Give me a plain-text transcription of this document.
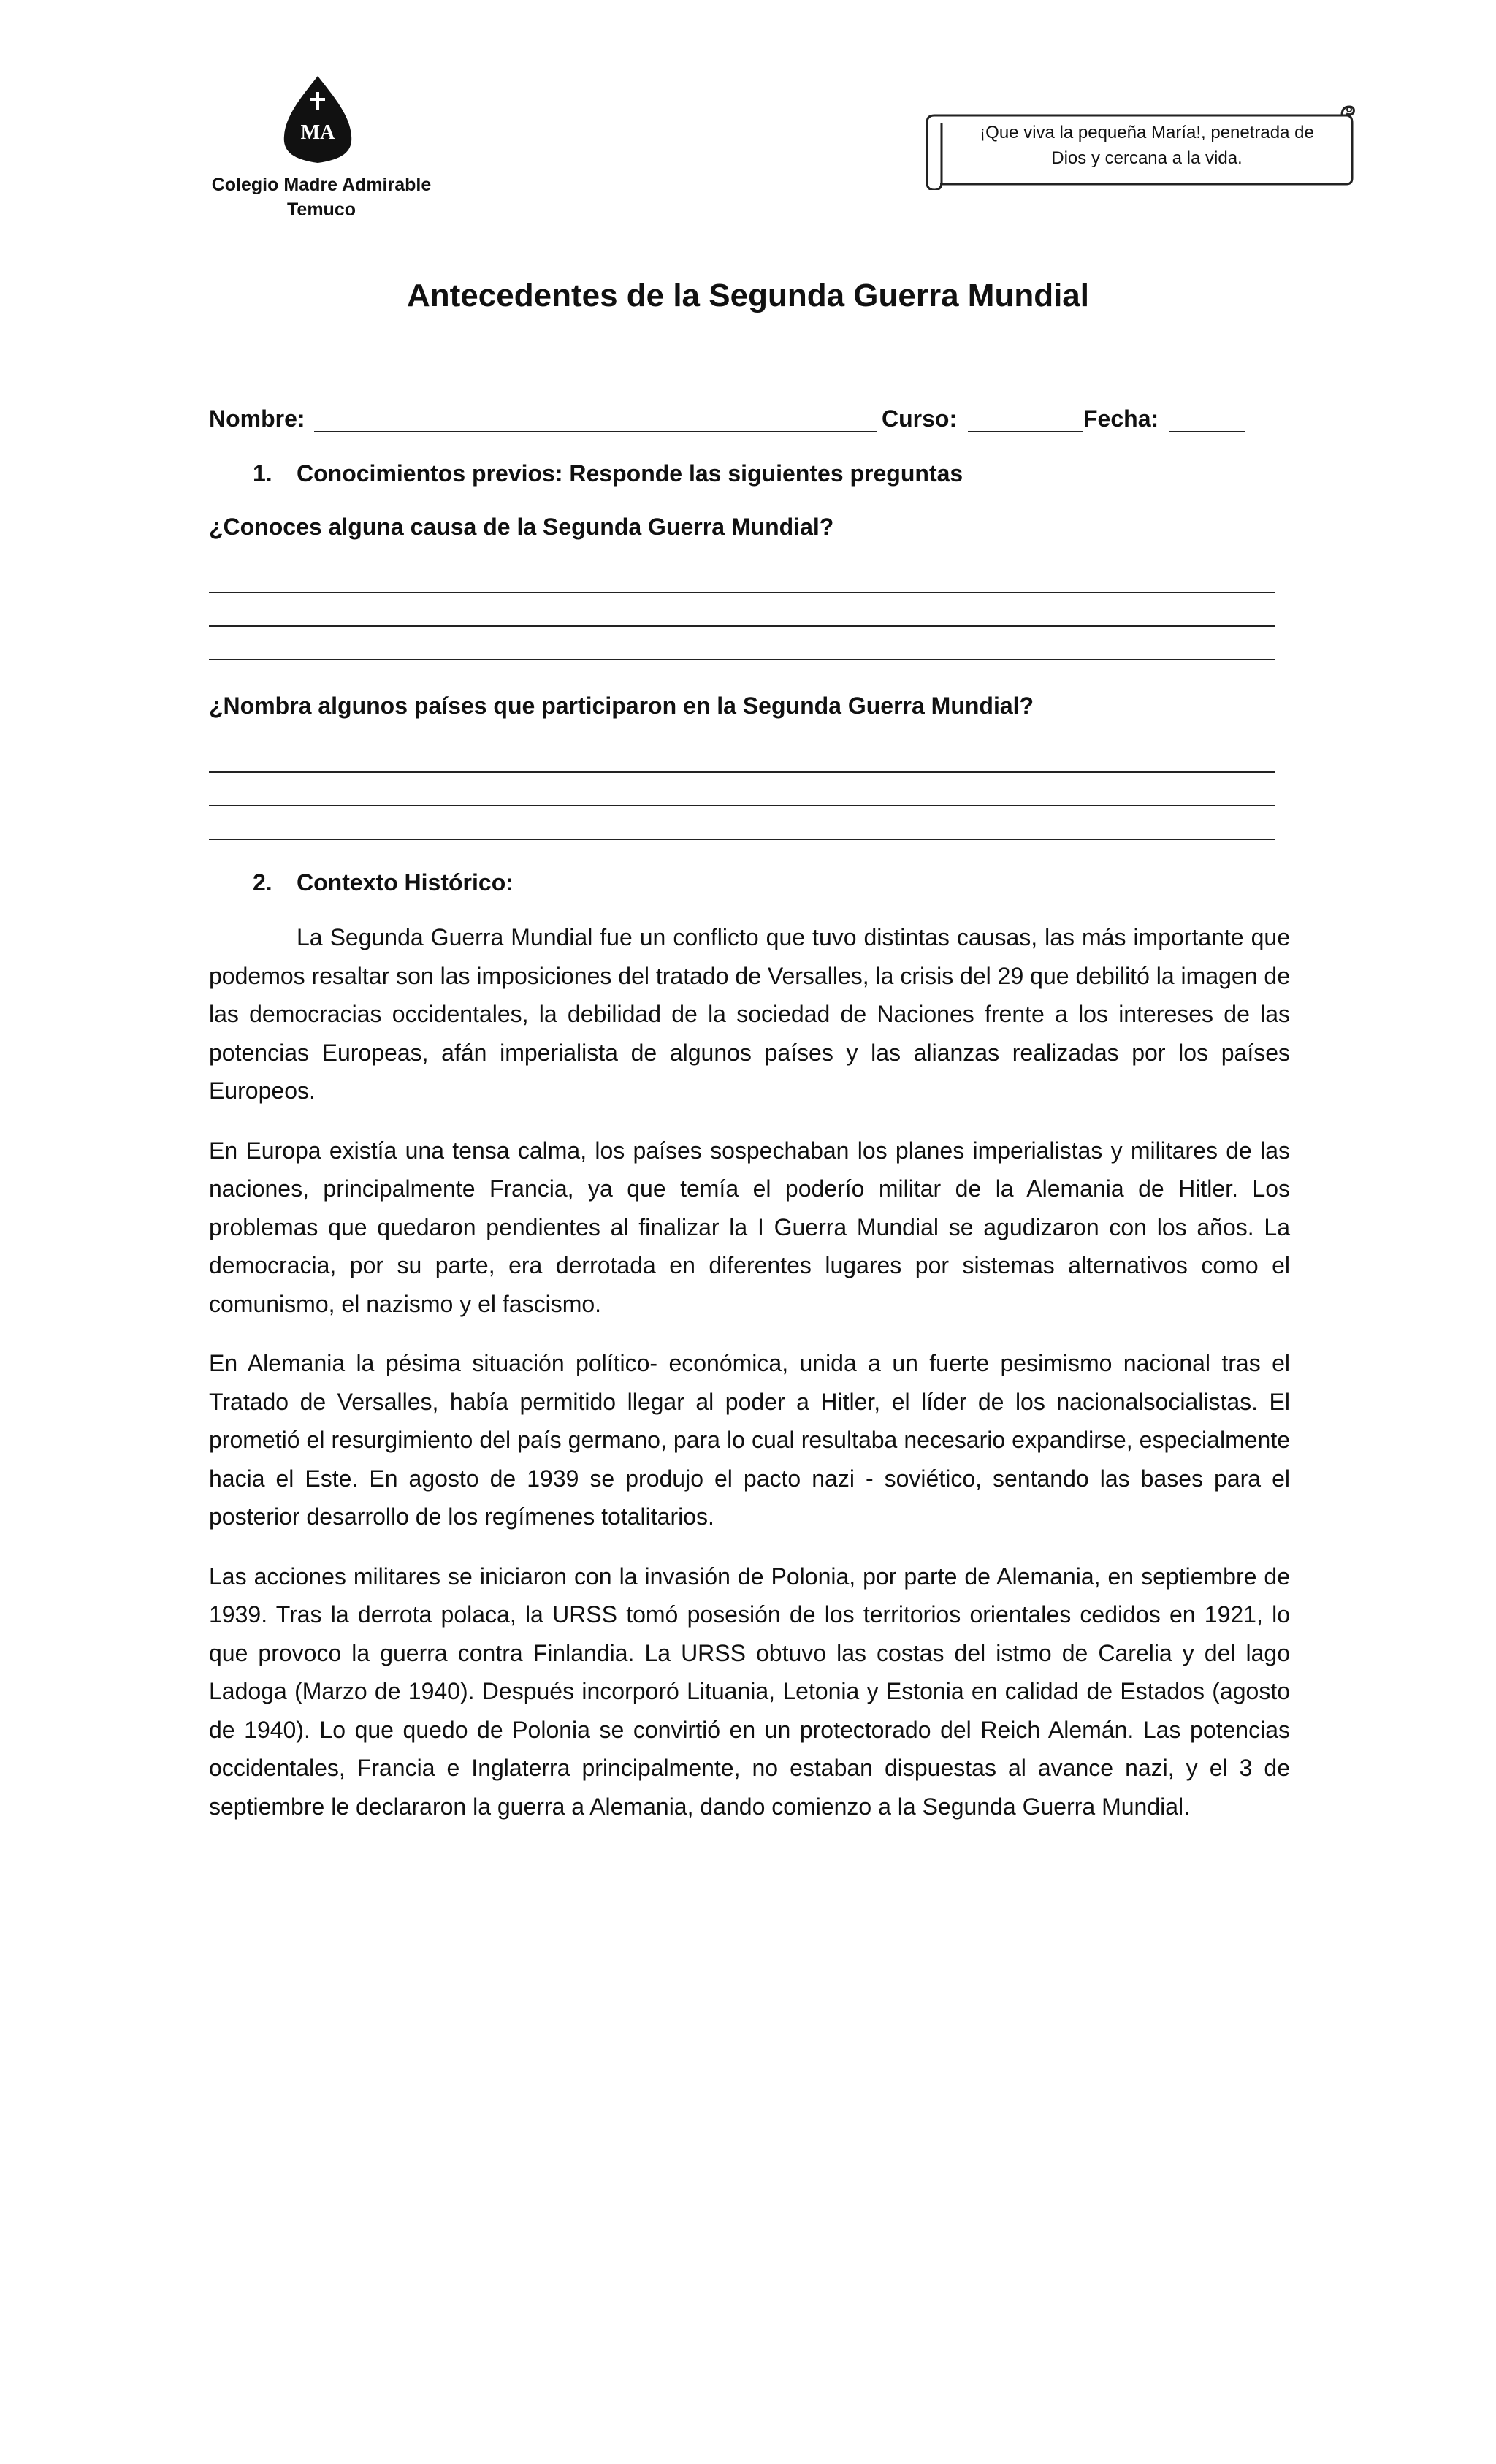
MA
Colegio Madre Admirable
Temuco
¡Que viva la pequeña María!, penetrada de
Dios y cercana a la vida.
Antecedentes de la Segunda Guerra Mundial
Nombre:	Curso:	Fecha:
1. Conocimientos previos: Responde las siguientes preguntas
¿Conoces alguna causa de la Segunda Guerra Mundial?
¿Nombra algunos países que participaron en la Segunda Guerra Mundial?
2. Contexto Histórico:

La Segunda Guerra Mundial fue un conflicto que tuvo distintas causas, las más importante que podemos resaltar son las imposiciones del tratado de Versalles, la crisis del 29 que debilitó la imagen de las democracias occidentales, la debilidad de la sociedad de Naciones frente a los intereses de las potencias Europeas, afán imperialista de algunos países y las alianzas realizadas por los países Europeos.

En Europa existía una tensa calma, los países sospechaban los planes imperialistas y militares de las naciones, principalmente Francia, ya que temía el poderío militar de la Alemania de Hitler. Los problemas que quedaron pendientes al finalizar la I Guerra Mundial se agudizaron con los años. La democracia, por su parte, era derrotada en diferentes lugares por sistemas alternativos como el comunismo, el nazismo y el fascismo.

En Alemania la pésima situación político- económica, unida a un fuerte pesimismo nacional tras el Tratado de Versalles, había permitido llegar al poder a Hitler, el líder de los nacionalsocialistas. El prometió el resurgimiento del país germano, para lo cual resultaba necesario expandirse, especialmente hacia el Este. En agosto de 1939 se produjo el pacto nazi - soviético, sentando las bases para el posterior desarrollo de los regímenes totalitarios.

Las acciones militares se iniciaron con la invasión de Polonia, por parte de Alemania, en septiembre de 1939. Tras la derrota polaca, la URSS tomó posesión de los territorios orientales cedidos en 1921, lo que provoco la guerra contra Finlandia. La URSS obtuvo las costas del istmo de Carelia y del lago Ladoga (Marzo de 1940). Después incorporó Lituania, Letonia y Estonia en calidad de Estados (agosto de 1940). Lo que quedo de Polonia se convirtió en un protectorado del Reich Alemán. Las potencias occidentales, Francia e Inglaterra principalmente, no estaban dispuestas al avance nazi, y el 3 de septiembre le declararon la guerra a Alemania, dando comienzo a la Segunda Guerra Mundial.
